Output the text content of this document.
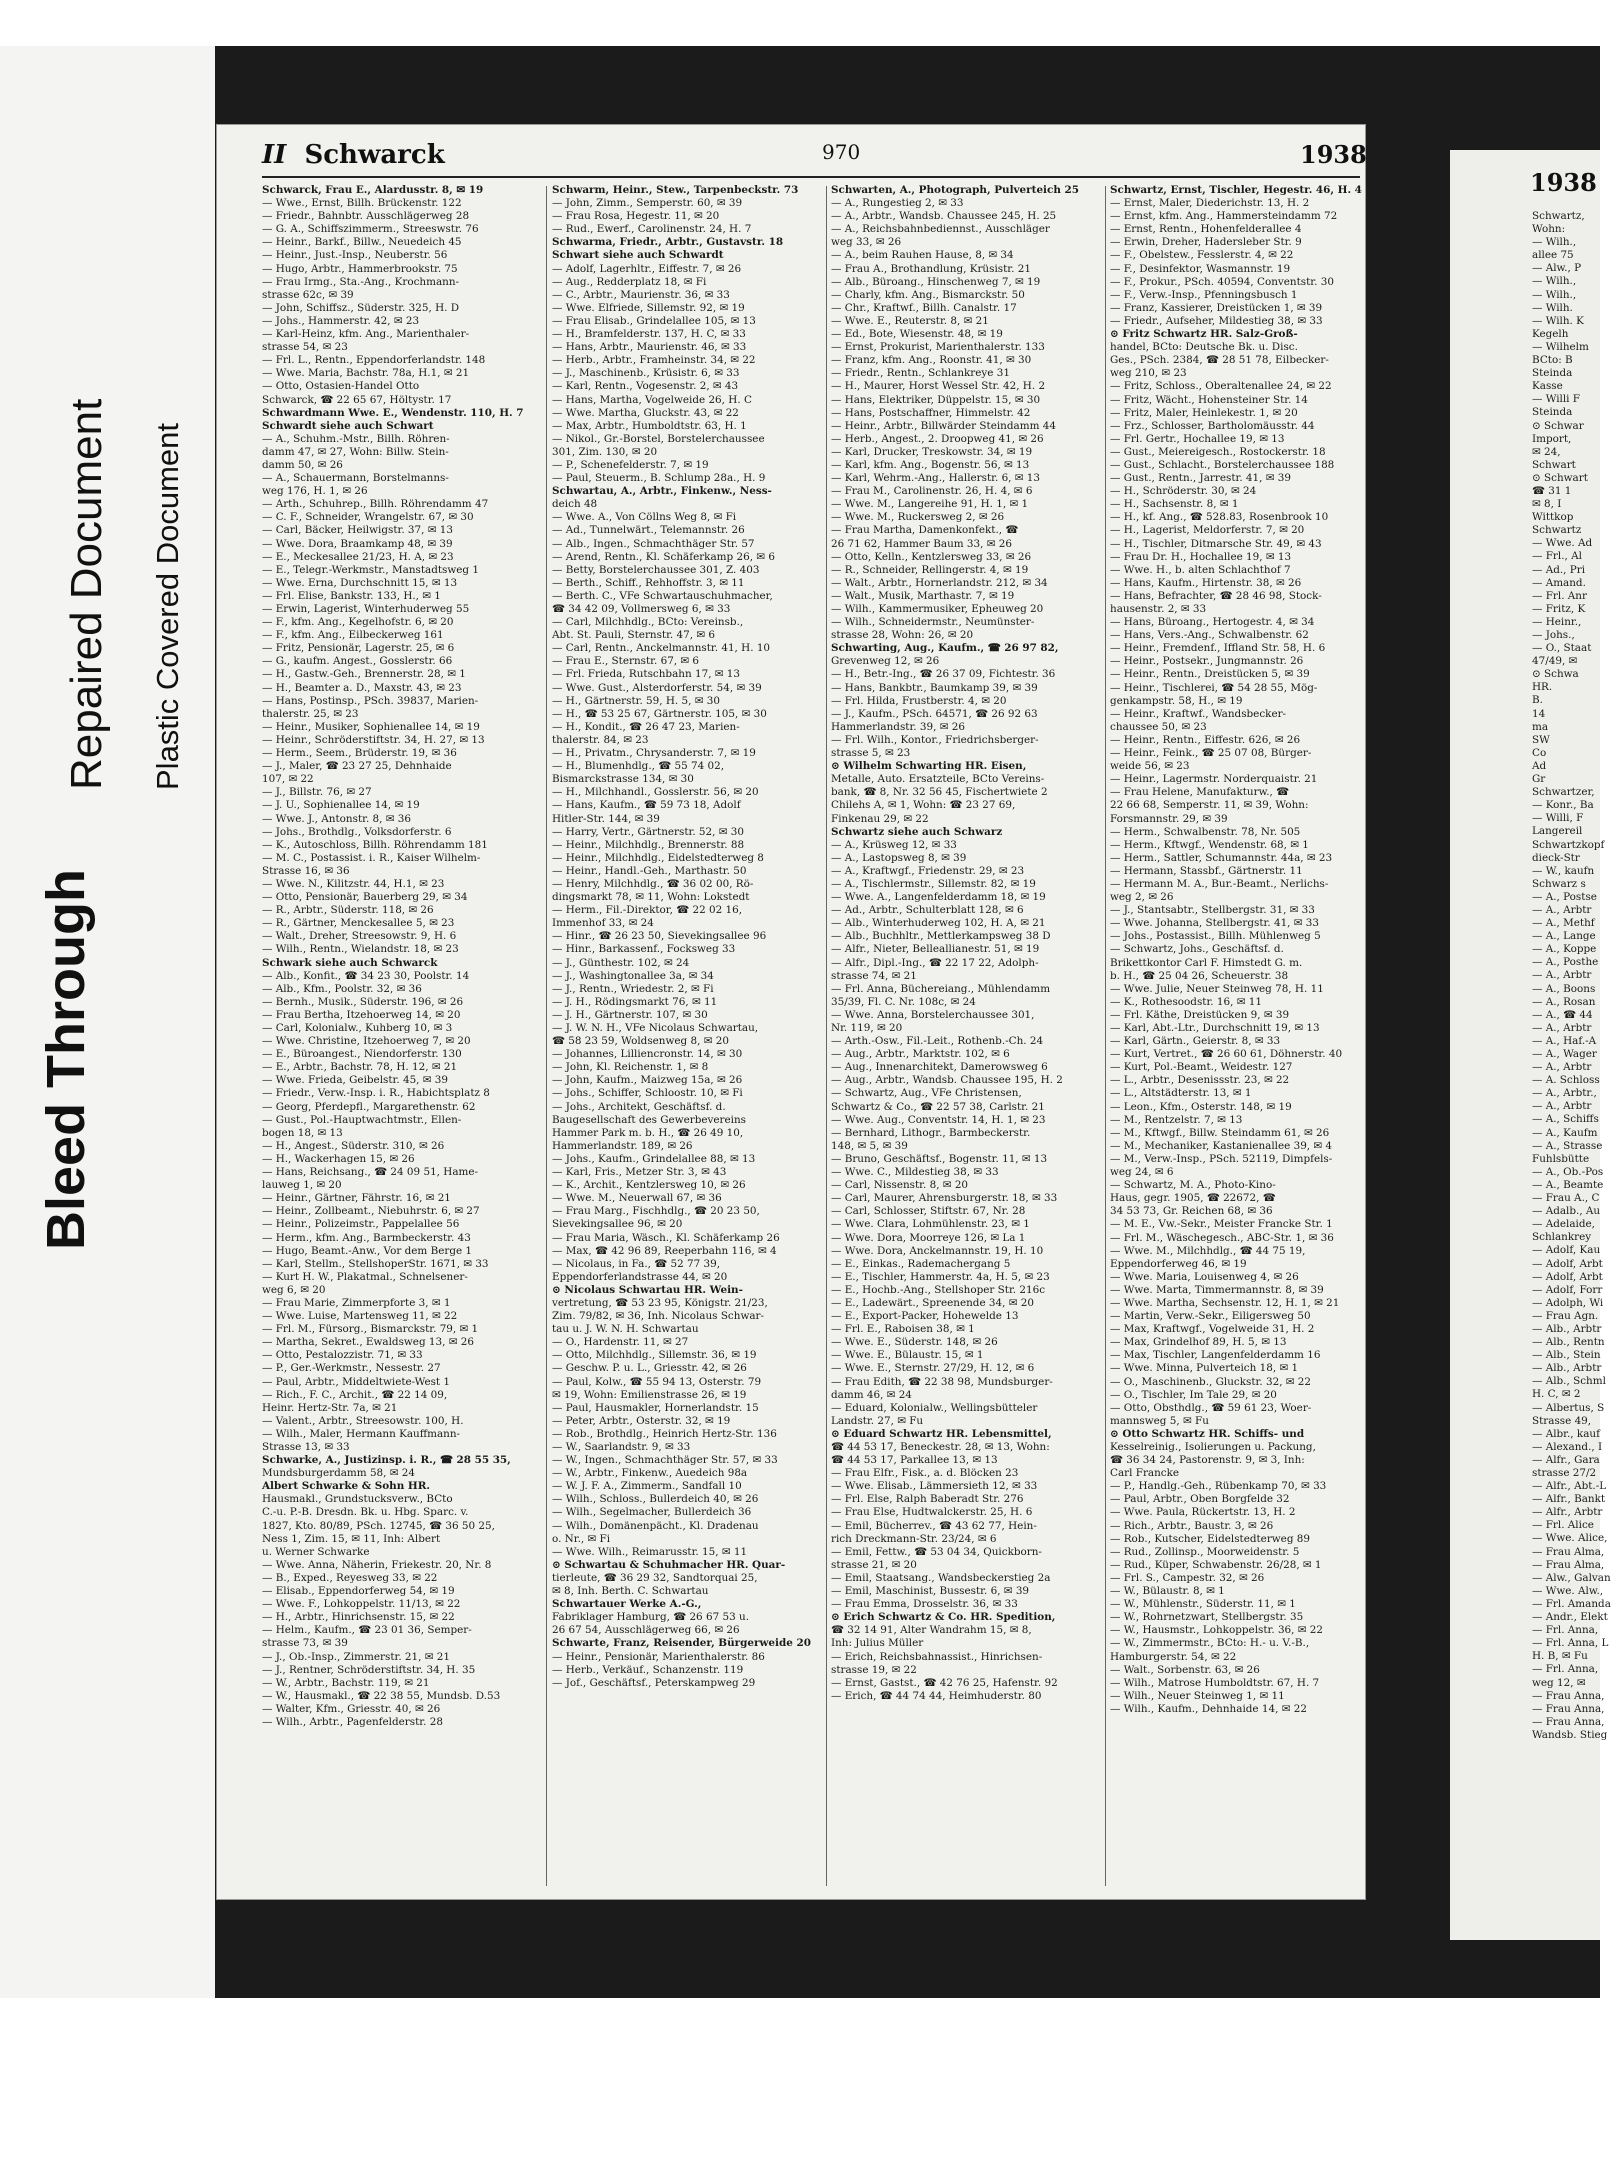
Bleed Through
Repaired Document Plastic Covered Document
II Schwarck	970	1938
Schwarck, Frau E., Alardusstr. 8, ✉ 19
— Wwe., Ernst, Billh. Brückenstr. 122
— Friedr., Bahnbtr. Ausschlägerweg 28
— G. A., Schiffszimmerm., Streeswstr. 76
— Heinr., Barkf., Billw., Neuedeich 45
— Heinr., Just.-Insp., Neuberstr. 56
— Hugo, Arbtr., Hammerbrookstr. 75
— Frau Irmg., Sta.-Ang., Krochmann-
strasse 62c, ✉ 39
— John, Schiffsz., Süderstr. 325, H. D
— Johs., Hammerstr. 42, ✉ 23
— Karl-Heinz, kfm. Ang., Marienthaler-
strasse 54, ✉ 23
— Frl. L., Rentn., Eppendorferlandstr. 148
— Wwe. Maria, Bachstr. 78a, H.1, ✉ 21
— Otto, Ostasien-Handel Otto
Schwarck, ☎ 22 65 67, Höltystr. 17
Schwardmann Wwe. E., Wendenstr. 110, H. 7
Schwardt siehe auch Schwart
— A., Schuhm.-Mstr., Billh. Röhren-
damm 47, ✉ 27, Wohn: Billw. Stein-
damm 50, ✉ 26
— A., Schauermann, Borstelmanns-
weg 176, H. 1, ✉ 26
— Arth., Schuhrep., Billh. Röhrendamm 47
— C. F., Schneider, Wrangelstr. 67, ✉ 30
— Carl, Bäcker, Heilwigstr. 37, ✉ 13
— Wwe. Dora, Braamkamp 48, ✉ 39
— E., Meckesallee 21/23, H. A, ✉ 23
— E., Telegr.-Werkmstr., Manstadtsweg 1
— Wwe. Erna, Durchschnitt 15, ✉ 13
— Frl. Elise, Bankstr. 133, H., ✉ 1
— Erwin, Lagerist, Winterhuderweg 55
— F., kfm. Ang., Kegelhofstr. 6, ✉ 20
— F., kfm. Ang., Eilbeckerweg 161
— Fritz, Pensionär, Lagerstr. 25, ✉ 6
— G., kaufm. Angest., Gosslerstr. 66
— H., Gastw.-Geh., Brennerstr. 28, ✉ 1
— H., Beamter a. D., Maxstr. 43, ✉ 23
— Hans, Postinsp., PSch. 39837, Marien-
thalerstr. 25, ✉ 23
— Heinr., Musiker, Sophienallee 14, ✉ 19
— Heinr., Schröderstiftstr. 34, H. 27, ✉ 13
— Herm., Seem., Brüderstr. 19, ✉ 36
— J., Maler, ☎ 23 27 25, Dehnhaide
107, ✉ 22
— J., Billstr. 76, ✉ 27
— J. U., Sophienallee 14, ✉ 19
— Wwe. J., Antonstr. 8, ✉ 36
— Johs., Brothdlg., Volksdorferstr. 6
— K., Autoschloss, Billh. Röhrendamm 181
— M. C., Postassist. i. R., Kaiser Wilhelm-
Strasse 16, ✉ 36
— Wwe. N., Kilitzstr. 44, H.1, ✉ 23
— Otto, Pensionär, Bauerberg 29, ✉ 34
— R., Arbtr., Süderstr. 118, ✉ 26
— R., Gärtner, Menckesallee 5, ✉ 23
— Walt., Dreher, Streesowstr. 9, H. 6
— Wilh., Rentn., Wielandstr. 18, ✉ 23
Schwark siehe auch Schwarck
— Alb., Konfit., ☎ 34 23 30, Poolstr. 14
— Alb., Kfm., Poolstr. 32, ✉ 36
— Bernh., Musik., Süderstr. 196, ✉ 26
— Frau Bertha, Itzehoerweg 14, ✉ 20
— Carl, Kolonialw., Kuhberg 10, ✉ 3
— Wwe. Christine, Itzehoerweg 7, ✉ 20
— E., Büroangest., Niendorferstr. 130
— E., Arbtr., Bachstr. 78, H. 12, ✉ 21
— Wwe. Frieda, Geibelstr. 45, ✉ 39
— Friedr., Verw.-Insp. i. R., Habichtsplatz 8
— Georg, Pferdepfl., Margarethenstr. 62
— Gust., Pol.-Hauptwachtmstr., Ellen-
bogen 18, ✉ 13
— H., Angest., Süderstr. 310, ✉ 26
— H., Wackerhagen 15, ✉ 26
— Hans, Reichsang., ☎ 24 09 51, Hame-
lauweg 1, ✉ 20
— Heinr., Gärtner, Fährstr. 16, ✉ 21
— Heinr., Zollbeamt., Niebuhrstr. 6, ✉ 27
— Heinr., Polizeimstr., Pappelallee 56
— Herm., kfm. Ang., Barmbeckerstr. 43
— Hugo, Beamt.-Anw., Vor dem Berge 1
— Karl, Stellm., StellshoperStr. 1671, ✉ 33
— Kurt H. W., Plakatmal., Schnelsener-
weg 6, ✉ 20
— Frau Marie, Zimmerpforte 3, ✉ 1
— Wwe. Luise, Martensweg 11, ✉ 22
— Frl. M., Fürsorg., Bismarckstr. 79, ✉ 1
— Martha, Sekret., Ewaldsweg 13, ✉ 26
— Otto, Pestalozzistr. 71, ✉ 33
— P., Ger.-Werkmstr., Nessestr. 27
— Paul, Arbtr., Middeltwiete-West 1
— Rich., F. C., Archit., ☎ 22 14 09,
Heinr. Hertz-Str. 7a, ✉ 21
— Valent., Arbtr., Streesowstr. 100, H.
— Wilh., Maler, Hermann Kauffmann-
Strasse 13, ✉ 33
Schwarke, A., Justizinsp. i. R., ☎ 28 55 35,
Mundsburgerdamm 58, ✉ 24
Albert Schwarke & Sohn HR.
Hausmakl., Grundstucksverw., BCto
C.-u. P.-B. Dresdn. Bk. u. Hbg. Sparc. v.
1827, Kto. 80/89, PSch. 12745, ☎ 36 50 25,
Ness 1, Zim. 15, ✉ 11, Inh: Albert
u. Werner Schwarke
— Wwe. Anna, Näherin, Friekestr. 20, Nr. 8
— B., Exped., Reyesweg 33, ✉ 22
— Elisab., Eppendorferweg 54, ✉ 19
— Wwe. F., Lohkoppelstr. 11/13, ✉ 22
— H., Arbtr., Hinrichsenstr. 15, ✉ 22
— Helm., Kaufm., ☎ 23 01 36, Semper-
strasse 73, ✉ 39
— J., Ob.-Insp., Zimmerstr. 21, ✉ 21
— J., Rentner, Schröderstiftstr. 34, H. 35
— W., Arbtr., Bachstr. 119, ✉ 21
— W., Hausmakl., ☎ 22 38 55, Mundsb. D.53
— Walter, Kfm., Griesstr. 40, ✉ 26
— Wilh., Arbtr., Pagenfelderstr. 28
Schwarm, Heinr., Stew., Tarpenbeckstr. 73
— John, Zimm., Semperstr. 60, ✉ 39
— Frau Rosa, Hegestr. 11, ✉ 20
— Rud., Ewerf., Carolinenstr. 24, H. 7
Schwarma, Friedr., Arbtr., Gustavstr. 18
Schwart siehe auch Schwardt
— Adolf, Lagerhltr., Eiffestr. 7, ✉ 26
— Aug., Redderplatz 18, ✉ Fi
— C., Arbtr., Maurienstr. 36, ✉ 33
— Wwe. Elfriede, Sillemstr. 92, ✉ 19
— Frau Elisab., Grindelallee 105, ✉ 13
— H., Bramfelderstr. 137, H. C, ✉ 33
— Hans, Arbtr., Maurienstr. 46, ✉ 33
— Herb., Arbtr., Framheinstr. 34, ✉ 22
— J., Maschinenb., Krüsistr. 6, ✉ 33
— Karl, Rentn., Vogesenstr. 2, ✉ 43
— Hans, Martha, Vogelweide 26, H. C
— Wwe. Martha, Gluckstr. 43, ✉ 22
— Max, Arbtr., Humboldtstr. 63, H. 1
— Nikol., Gr.-Borstel, Borstelerchaussee
301, Zim. 130, ✉ 20
— P., Schenefelderstr. 7, ✉ 19
— Paul, Steuerm., B. Schlump 28a., H. 9
Schwartau, A., Arbtr., Finkenw., Ness-
deich 48
— Wwe. A., Von Cöllns Weg 8, ✉ Fi
— Ad., Tunnelwärt., Telemannstr. 26
— Alb., Ingen., Schmachthäger Str. 57
— Arend, Rentn., Kl. Schäferkamp 26, ✉ 6
— Betty, Borstelerchaussee 301, Z. 403
— Berth., Schiff., Rehhoffstr. 3, ✉ 11
— Berth. C., VFe Schwartauschuhmacher,
☎ 34 42 09, Vollmersweg 6, ✉ 33
— Carl, Milchhdlg., BCto: Vereinsb.,
Abt. St. Pauli, Sternstr. 47, ✉ 6
— Carl, Rentn., Anckelmannstr. 41, H. 10
— Frau E., Sternstr. 67, ✉ 6
— Frl. Frieda, Rutschbahn 17, ✉ 13
— Wwe. Gust., Alsterdorferstr. 54, ✉ 39
— H., Gärtnerstr. 59, H. 5, ✉ 30
— H., ☎ 53 25 67, Gärtnerstr. 105, ✉ 30
— H., Kondit., ☎ 26 47 23, Marien-
thalerstr. 84, ✉ 23
— H., Privatm., Chrysanderstr. 7, ✉ 19
— H., Blumenhdlg., ☎ 55 74 02,
Bismarckstrasse 134, ✉ 30
— H., Milchhandl., Gosslerstr. 56, ✉ 20
— Hans, Kaufm., ☎ 59 73 18, Adolf
Hitler-Str. 144, ✉ 39
— Harry, Vertr., Gärtnerstr. 52, ✉ 30
— Heinr., Milchhdlg., Brennerstr. 88
— Heinr., Milchhdlg., Eidelstedterweg 8
— Heinr., Handl.-Geh., Marthastr. 50
— Henry, Milchhdlg., ☎ 36 02 00, Rö-
dingsmarkt 78, ✉ 11, Wohn: Lokstedt
— Herm., Fil.-Direktor, ☎ 22 02 16,
Immenhof 33, ✉ 24
— Hinr., ☎ 26 23 50, Sievekingsallee 96
— Hinr., Barkassenf., Focksweg 33
— J., Günthestr. 102, ✉ 24
— J., Washingtonallee 3a, ✉ 34
— J., Rentn., Wriedestr. 2, ✉ Fi
— J. H., Rödingsmarkt 76, ✉ 11
— J. H., Gärtnerstr. 107, ✉ 30
— J. W. N. H., VFe Nicolaus Schwartau,
☎ 58 23 59, Woldsenweg 8, ✉ 20
— Johannes, Lilliencronstr. 14, ✉ 30
— John, Kl. Reichenstr. 1, ✉ 8
— John, Kaufm., Maizweg 15a, ✉ 26
— Johs., Schiffer, Schloostr. 10, ✉ Fi
— Johs., Architekt, Geschäftsf. d.
Baugesellschaft des Gewerbevereins
Hammer Park m. b. H., ☎ 26 49 10,
Hammerlandstr. 189, ✉ 26
— Johs., Kaufm., Grindelallee 88, ✉ 13
— Karl, Fris., Metzer Str. 3, ✉ 43
— K., Archit., Kentzlersweg 10, ✉ 26
— Wwe. M., Neuerwall 67, ✉ 36
— Frau Marg., Fischhdlg., ☎ 20 23 50,
Sievekingsallee 96, ✉ 20
— Frau Maria, Wäsch., Kl. Schäferkamp 26
— Max, ☎ 42 96 89, Reeperbahn 116, ✉ 4
— Nicolaus, in Fa., ☎ 52 77 39,
Eppendorferlandstrasse 44, ✉ 20
⊙ Nicolaus Schwartau HR. Wein-
vertretung, ☎ 53 23 95, Königstr. 21/23,
Zim. 79/82, ✉ 36, Inh. Nicolaus Schwar-
tau u. J. W. N. H. Schwartau
— O., Hardenstr. 11, ✉ 27
— Otto, Milchhdlg., Sillemstr. 36, ✉ 19
— Geschw. P. u. L., Griesstr. 42, ✉ 26
— Paul, Kolw., ☎ 55 94 13, Osterstr. 79
✉ 19, Wohn: Emilienstrasse 26, ✉ 19
— Paul, Hausmakler, Hornerlandstr. 15
— Peter, Arbtr., Osterstr. 32, ✉ 19
— Rob., Brothdlg., Heinrich Hertz-Str. 136
— W., Saarlandstr. 9, ✉ 33
— W., Ingen., Schmachthäger Str. 57, ✉ 33
— W., Arbtr., Finkenw., Auedeich 98a
— W. J. F. A., Zimmerm., Sandfall 10
— Wilh., Schloss., Bullerdeich 40, ✉ 26
— Wilh., Segelmacher, Bullerdeich 36
— Wilh., Domänenpächt., Kl. Dradenau
o. Nr., ✉ Fi
— Wwe. Wilh., Reimarusstr. 15, ✉ 11
⊙ Schwartau & Schuhmacher HR. Quar-
tierleute, ☎ 36 29 32, Sandtorquai 25,
✉ 8, Inh. Berth. C. Schwartau
Schwartauer Werke A.-G.,
Fabriklager Hamburg, ☎ 26 67 53 u.
26 67 54, Ausschlägerweg 66, ✉ 26
Schwarte, Franz, Reisender, Bürgerweide 20
— Heinr., Pensionär, Marienthalerstr. 86
— Herb., Verkäuf., Schanzenstr. 119
— Jof., Geschäftsf., Peterskampweg 29
Schwarten, A., Photograph, Pulverteich 25
— A., Rungestieg 2, ✉ 33
— A., Arbtr., Wandsb. Chaussee 245, H. 25
— A., Reichsbahnbediennst., Ausschläger
weg 33, ✉ 26
— A., beim Rauhen Hause, 8, ✉ 34
— Frau A., Brothandlung, Krüsistr. 21
— Alb., Büroang., Hinschenweg 7, ✉ 19
— Charly, kfm. Ang., Bismarckstr. 50
— Chr., Kraftwf., Billh. Canalstr. 17
— Wwe. E., Reuterstr. 8, ✉ 21
— Ed., Bote, Wiesenstr. 48, ✉ 19
— Ernst, Prokurist, Marienthalerstr. 133
— Franz, kfm. Ang., Roonstr. 41, ✉ 30
— Friedr., Rentn., Schlankreye 31
— H., Maurer, Horst Wessel Str. 42, H. 2
— Hans, Elektriker, Düppelstr. 15, ✉ 30
— Hans, Postschaffner, Himmelstr. 42
— Heinr., Arbtr., Billwärder Steindamm 44
— Herb., Angest., 2. Droopweg 41, ✉ 26
— Karl, Drucker, Treskowstr. 34, ✉ 19
— Karl, kfm. Ang., Bogenstr. 56, ✉ 13
— Karl, Wehrm.-Ang., Hallerstr. 6, ✉ 13
— Frau M., Carolinenstr. 26, H. 4, ✉ 6
— Wwe. M., Langereihe 91, H. 1, ✉ 1
— Wwe. M., Ruckersweg 2, ✉ 26
— Frau Martha, Damenkonfekt., ☎
26 71 62, Hammer Baum 33, ✉ 26
— Otto, Kelln., Kentzlersweg 33, ✉ 26
— R., Schneider, Rellingerstr. 4, ✉ 19
— Walt., Arbtr., Hornerlandstr. 212, ✉ 34
— Walt., Musik, Marthastr. 7, ✉ 19
— Wilh., Kammermusiker, Epheuweg 20
— Wilh., Schneidermstr., Neumünster-
strasse 28, Wohn: 26, ✉ 20
Schwarting, Aug., Kaufm., ☎ 26 97 82,
Grevenweg 12, ✉ 26
— H., Betr.-Ing., ☎ 26 37 09, Fichtestr. 36
— Hans, Bankbtr., Baumkamp 39, ✉ 39
— Frl. Hilda, Frustberstr. 4, ✉ 20
— J., Kaufm., PSch. 64571, ☎ 26 92 63
Hammerlandstr. 39, ✉ 26
— Frl. Wilh., Kontor., Friedrichsberger-
strasse 5, ✉ 23
⊙ Wilhelm Schwarting HR. Eisen,
Metalle, Auto. Ersatzteile, BCto Vereins-
bank, ☎ 8, Nr. 32 56 45, Fischertwiete 2
Chilehs A, ✉ 1, Wohn: ☎ 23 27 69,
Finkenau 29, ✉ 22
Schwartz siehe auch Schwarz
— A., Krüsweg 12, ✉ 33
— A., Lastopsweg 8, ✉ 39
— A., Kraftwgf., Friedenstr. 29, ✉ 23
— A., Tischlermstr., Sillemstr. 82, ✉ 19
— Wwe. A., Langenfelderdamm 18, ✉ 19
— Ad., Arbtr., Schulterblatt 128, ✉ 6
— Alb., Winterhuderweg 102, H. A, ✉ 21
— Alb., Buchhltr., Mettlerkampsweg 38 D
— Alfr., Nieter, Belleallianestr. 51, ✉ 19
— Alfr., Dipl.-Ing., ☎ 22 17 22, Adolph-
strasse 74, ✉ 21
— Frl. Anna, Büchereiang., Mühlendamm
35/39, Fl. C. Nr. 108c, ✉ 24
— Wwe. Anna, Borstelerchaussee 301,
Nr. 119, ✉ 20
— Arth.-Osw., Fil.-Leit., Rothenb.-Ch. 24
— Aug., Arbtr., Marktstr. 102, ✉ 6
— Aug., Innenarchitekt, Damerowsweg 6
— Aug., Arbtr., Wandsb. Chaussee 195, H. 2
— Schwartz, Aug., VFe Christensen,
Schwartz & Co., ☎ 22 57 38, Carlstr. 21
— Wwe. Aug., Conventstr. 14, H. 1, ✉ 23
— Bernhard, Lithogr., Barmbeckerstr.
148, ✉ 5, ✉ 39
— Bruno, Geschäftsf., Bogenstr. 11, ✉ 13
— Wwe. C., Mildestieg 38, ✉ 33
— Carl, Nissenstr. 8, ✉ 20
— Carl, Maurer, Ahrensburgerstr. 18, ✉ 33
— Carl, Schlosser, Stiftstr. 67, Nr. 28
— Wwe. Clara, Lohmühlenstr. 23, ✉ 1
— Wwe. Dora, Moorreye 126, ✉ La 1
— Wwe. Dora, Anckelmannstr. 19, H. 10
— E., Einkas., Rademachergang 5
— E., Tischler, Hammerstr. 4a, H. 5, ✉ 23
— E., Hochb.-Ang., Stellshoper Str. 216c
— E., Ladewärt., Spreenende 34, ✉ 20
— E., Export-Packer, Hohewelde 13
— Frl. E., Raboisen 38, ✉ 1
— Wwe. E., Süderstr. 148, ✉ 26
— Wwe. E., Bülaustr. 15, ✉ 1
— Wwe. E., Sternstr. 27/29, H. 12, ✉ 6
— Frau Edith, ☎ 22 38 98, Mundsburger-
damm 46, ✉ 24
— Eduard, Kolonialw., Wellingsbütteler
Landstr. 27, ✉ Fu
⊙ Eduard Schwartz HR. Lebensmittel,
☎ 44 53 17, Beneckestr. 28, ✉ 13, Wohn:
☎ 44 53 17, Parkallee 13, ✉ 13
— Frau Elfr., Fisk., a. d. Blöcken 23
— Wwe. Elisab., Lämmersieth 12, ✉ 33
— Frl. Else, Ralph Baberadt Str. 276
— Frau Else, Hudtwalckerstr. 25, H. 6
— Emil, Bücherrev., ☎ 43 62 77, Hein-
rich Dreckmann-Str. 23/24, ✉ 6
— Emil, Fettw., ☎ 53 04 34, Quickborn-
strasse 21, ✉ 20
— Emil, Staatsang., Wandsbeckerstieg 2a
— Emil, Maschinist, Bussestr. 6, ✉ 39
— Frau Emma, Drosselstr. 36, ✉ 33
⊙ Erich Schwartz & Co. HR. Spedition,
☎ 32 14 91, Alter Wandrahm 15, ✉ 8,
Inh: Julius Müller
— Erich, Reichsbahnassist., Hinrichsen-
strasse 19, ✉ 22
— Ernst, Gastst., ☎ 42 76 25, Hafenstr. 92
— Erich, ☎ 44 74 44, Heimhuderstr. 80
Schwartz, Ernst, Tischler, Hegestr. 46, H. 4
— Ernst, Maler, Diederichstr. 13, H. 2
— Ernst, kfm. Ang., Hammersteindamm 72
— Ernst, Rentn., Hohenfelderallee 4
— Erwin, Dreher, Hadersleber Str. 9
— F., Obelstew., Fesslerstr. 4, ✉ 22
— F., Desinfektor, Wasmannstr. 19
— F., Prokur., PSch. 40594, Conventstr. 30
— F., Verw.-Insp., Pfenningsbusch 1
— Franz, Kassierer, Dreistücken 1, ✉ 39
— Friedr., Aufseher, Mildestieg 38, ✉ 33
⊙ Fritz Schwartz HR. Salz-Groß-
handel, BCto: Deutsche Bk. u. Disc.
Ges., PSch. 2384, ☎ 28 51 78, Eilbecker-
weg 210, ✉ 23
— Fritz, Schloss., Oberaltenallee 24, ✉ 22
— Fritz, Wächt., Hohensteiner Str. 14
— Fritz, Maler, Heinlekestr. 1, ✉ 20
— Frz., Schlosser, Bartholomäusstr. 44
— Frl. Gertr., Hochallee 19, ✉ 13
— Gust., Meiereigesch., Rostockerstr. 18
— Gust., Schlacht., Borstelerchaussee 188
— Gust., Rentn., Jarrestr. 41, ✉ 39
— H., Schröderstr. 30, ✉ 24
— H., Sachsenstr. 8, ✉ 1
— H., kf. Ang., ☎ 528.83, Rosenbrook 10
— H., Lagerist, Meldorferstr. 7, ✉ 20
— H., Tischler, Ditmarsche Str. 49, ✉ 43
— Frau Dr. H., Hochallee 19, ✉ 13
— Wwe. H., b. alten Schlachthof 7
— Hans, Kaufm., Hirtenstr. 38, ✉ 26
— Hans, Befrachter, ☎ 28 46 98, Stock-
hausenstr. 2, ✉ 33
— Hans, Büroang., Hertogestr. 4, ✉ 34
— Hans, Vers.-Ang., Schwalbenstr. 62
— Heinr., Fremdenf., Iffland Str. 58, H. 6
— Heinr., Postsekr., Jungmannstr. 26
— Heinr., Rentn., Dreistücken 5, ✉ 39
— Heinr., Tischlerei, ☎ 54 28 55, Mög-
genkampstr. 58, H., ✉ 19
— Heinr., Kraftwf., Wandsbecker-
chaussee 50, ✉ 23
— Heinr., Rentn., Eiffestr. 626, ✉ 26
— Heinr., Feink., ☎ 25 07 08, Bürger-
weide 56, ✉ 23
— Heinr., Lagermstr. Norderquaistr. 21
— Frau Helene, Manufakturw., ☎
22 66 68, Semperstr. 11, ✉ 39, Wohn:
Forsmannstr. 29, ✉ 39
— Herm., Schwalbenstr. 78, Nr. 505
— Herm., Kftwgf., Wendenstr. 68, ✉ 1
— Herm., Sattler, Schumannstr. 44a, ✉ 23
— Hermann, Stassbf., Gärtnerstr. 11
— Hermann M. A., Bur.-Beamt., Nerlichs-
weg 2, ✉ 26
— J., Stantsabtr., Stellbergstr. 31, ✉ 33
— Wwe. Johanna, Stellbergstr. 41, ✉ 33
— Johs., Postassist., Billh. Mühlenweg 5
— Schwartz, Johs., Geschäftsf. d.
Brikettkontor Carl F. Himstedt G. m.
b. H., ☎ 25 04 26, Scheuerstr. 38
— Wwe. Julie, Neuer Steinweg 78, H. 11
— K., Rothesoodstr. 16, ✉ 11
— Frl. Käthe, Dreistücken 9, ✉ 39
— Karl, Abt.-Ltr., Durchschnitt 19, ✉ 13
— Karl, Gärtn., Geierstr. 8, ✉ 33
— Kurt, Vertret., ☎ 26 60 61, Döhnerstr. 40
— Kurt, Pol.-Beamt., Weidestr. 127
— L., Arbtr., Desenissstr. 23, ✉ 22
— L., Altstädterstr. 13, ✉ 1
— Leon., Kfm., Osterstr. 148, ✉ 19
— M., Rentzelstr. 7, ✉ 13
— M., Kftwgf., Billw. Steindamm 61, ✉ 26
— M., Mechaniker, Kastanienallee 39, ✉ 4
— M., Verw.-Insp., PSch. 52119, Dimpfels-
weg 24, ✉ 6
— Schwartz, M. A., Photo-Kino-
Haus, gegr. 1905, ☎ 22672, ☎
34 53 73, Gr. Reichen 68, ✉ 36
— M. E., Vw.-Sekr., Meister Francke Str. 1
— Frl. M., Wäschegesch., ABC-Str. 1, ✉ 36
— Wwe. M., Milchhdlg., ☎ 44 75 19,
Eppendorferweg 46, ✉ 19
— Wwe. Maria, Louisenweg 4, ✉ 26
— Wwe. Marta, Timmermannstr. 8, ✉ 39
— Wwe. Martha, Sechsenstr. 12, H. 1, ✉ 21
— Martin, Verw.-Sekr., Eiligersweg 50
— Max, Kraftwgf., Vogelweide 31, H. 2
— Max, Grindelhof 89, H. 5, ✉ 13
— Max, Tischler, Langenfelderdamm 16
— Wwe. Minna, Pulverteich 18, ✉ 1
— O., Maschinenb., Gluckstr. 32, ✉ 22
— O., Tischler, Im Tale 29, ✉ 20
— Otto, Obsthdlg., ☎ 59 61 23, Woer-
mannsweg 5, ✉ Fu
⊙ Otto Schwartz HR. Schiffs- und
Kesselreinig., Isolierungen u. Packung,
☎ 36 34 24, Pastorenstr. 9, ✉ 3, Inh:
Carl Francke
— P., Handlg.-Geh., Rübenkamp 70, ✉ 33
— Paul, Arbtr., Oben Borgfelde 32
— Wwe. Paula, Rückertstr. 13, H. 2
— Rich., Arbtr., Baustr. 3, ✉ 26
— Rob., Kutscher, Eidelstedterweg 89
— Rud., Zollinsp., Moorweidenstr. 5
— Rud., Küper, Schwabenstr. 26/28, ✉ 1
— Frl. S., Campestr. 32, ✉ 26
— W., Bülaustr. 8, ✉ 1
— W., Mühlenstr., Süderstr. 11, ✉ 1
— W., Rohrnetzwart, Stellbergstr. 35
— W., Hausmstr., Lohkoppelstr. 36, ✉ 22
— W., Zimmermstr., BCto: H.- u. V.-B.,
Hamburgerstr. 54, ✉ 22
— Walt., Sorbenstr. 63, ✉ 26
— Wilh., Matrose Humboldtstr. 67, H. 7
— Wilh., Neuer Steinweg 1, ✉ 11
— Wilh., Kaufm., Dehnhaide 14, ✉ 22
1938
Schwartz,
Wohn:
— Wilh.,
allee 75
— Alw., P
— Wilh.,
— Wilh.,
— Wilh.
— Wilh. K
Kegelh
— Wilhelm
BCto: B
Steinda
Kasse
— Willi F
Steinda
⊙ Schwar
Import,
✉ 24,
Schwart
⊙ Schwart
☎ 31 1
✉ 8, I
Wittkop
Schwartz
— Wwe. Ad
— Frl., Al
— Ad., Pri
— Amand.
— Frl. Anr
— Fritz, K
— Heinr.,
— Johs.,
— O., Staat
47/49, ✉
⊙ Schwa
HR.
B.
14
ma
SW
Co
Ad
Gr
Schwartzer,
— Konr., Ba
— Willi, F
Langereil
Schwartzkopf
dieck-Str
— W., kaufn
Schwarz s
— A., Postse
— A., Arbtr
— A., Methf
— A., Lange
— A., Koppe
— A., Posthe
— A., Arbtr
— A., Boons
— A., Rosan
— A., ☎ 44
— A., Arbtr
— A., Haf.-A
— A., Wager
— A., Arbtr
— A. Schloss
— A., Arbtr.,
— A., Arbtr
— A., Schiffs
— A., Kaufm
— A., Strasse
Fuhlsbütte
— A., Ob.-Pos
— A., Beamte
— Frau A., C
— Adalb., Au
— Adelaide,
Schlankrey
— Adolf, Kau
— Adolf, Arbt
— Adolf, Arbt
— Adolf, Forr
— Adolph, Wi
— Frau Agn.
— Alb., Arbtr
— Alb., Rentn
— Alb., Stein
— Alb., Arbtr
— Alb., Schml
H. C, ✉ 2
— Albertus, S
Strasse 49,
— Albr., kauf
— Alexand., I
— Alfr., Gara
strasse 27/2
— Alfr., Abt.-L
— Alfr., Bankt
— Alfr., Arbtr
— Frl. Alice
— Wwe. Alice,
— Frau Alma,
— Frau Alma,
— Alw., Galvan
— Wwe. Alw.,
— Frl. Amanda
— Andr., Elekt
— Frl. Anna,
— Frl. Anna, L
H. B, ✉ Fu
— Frl. Anna,
weg 12, ✉
— Frau Anna,
— Frau Anna,
— Frau Anna,
Wandsb. Stieg
